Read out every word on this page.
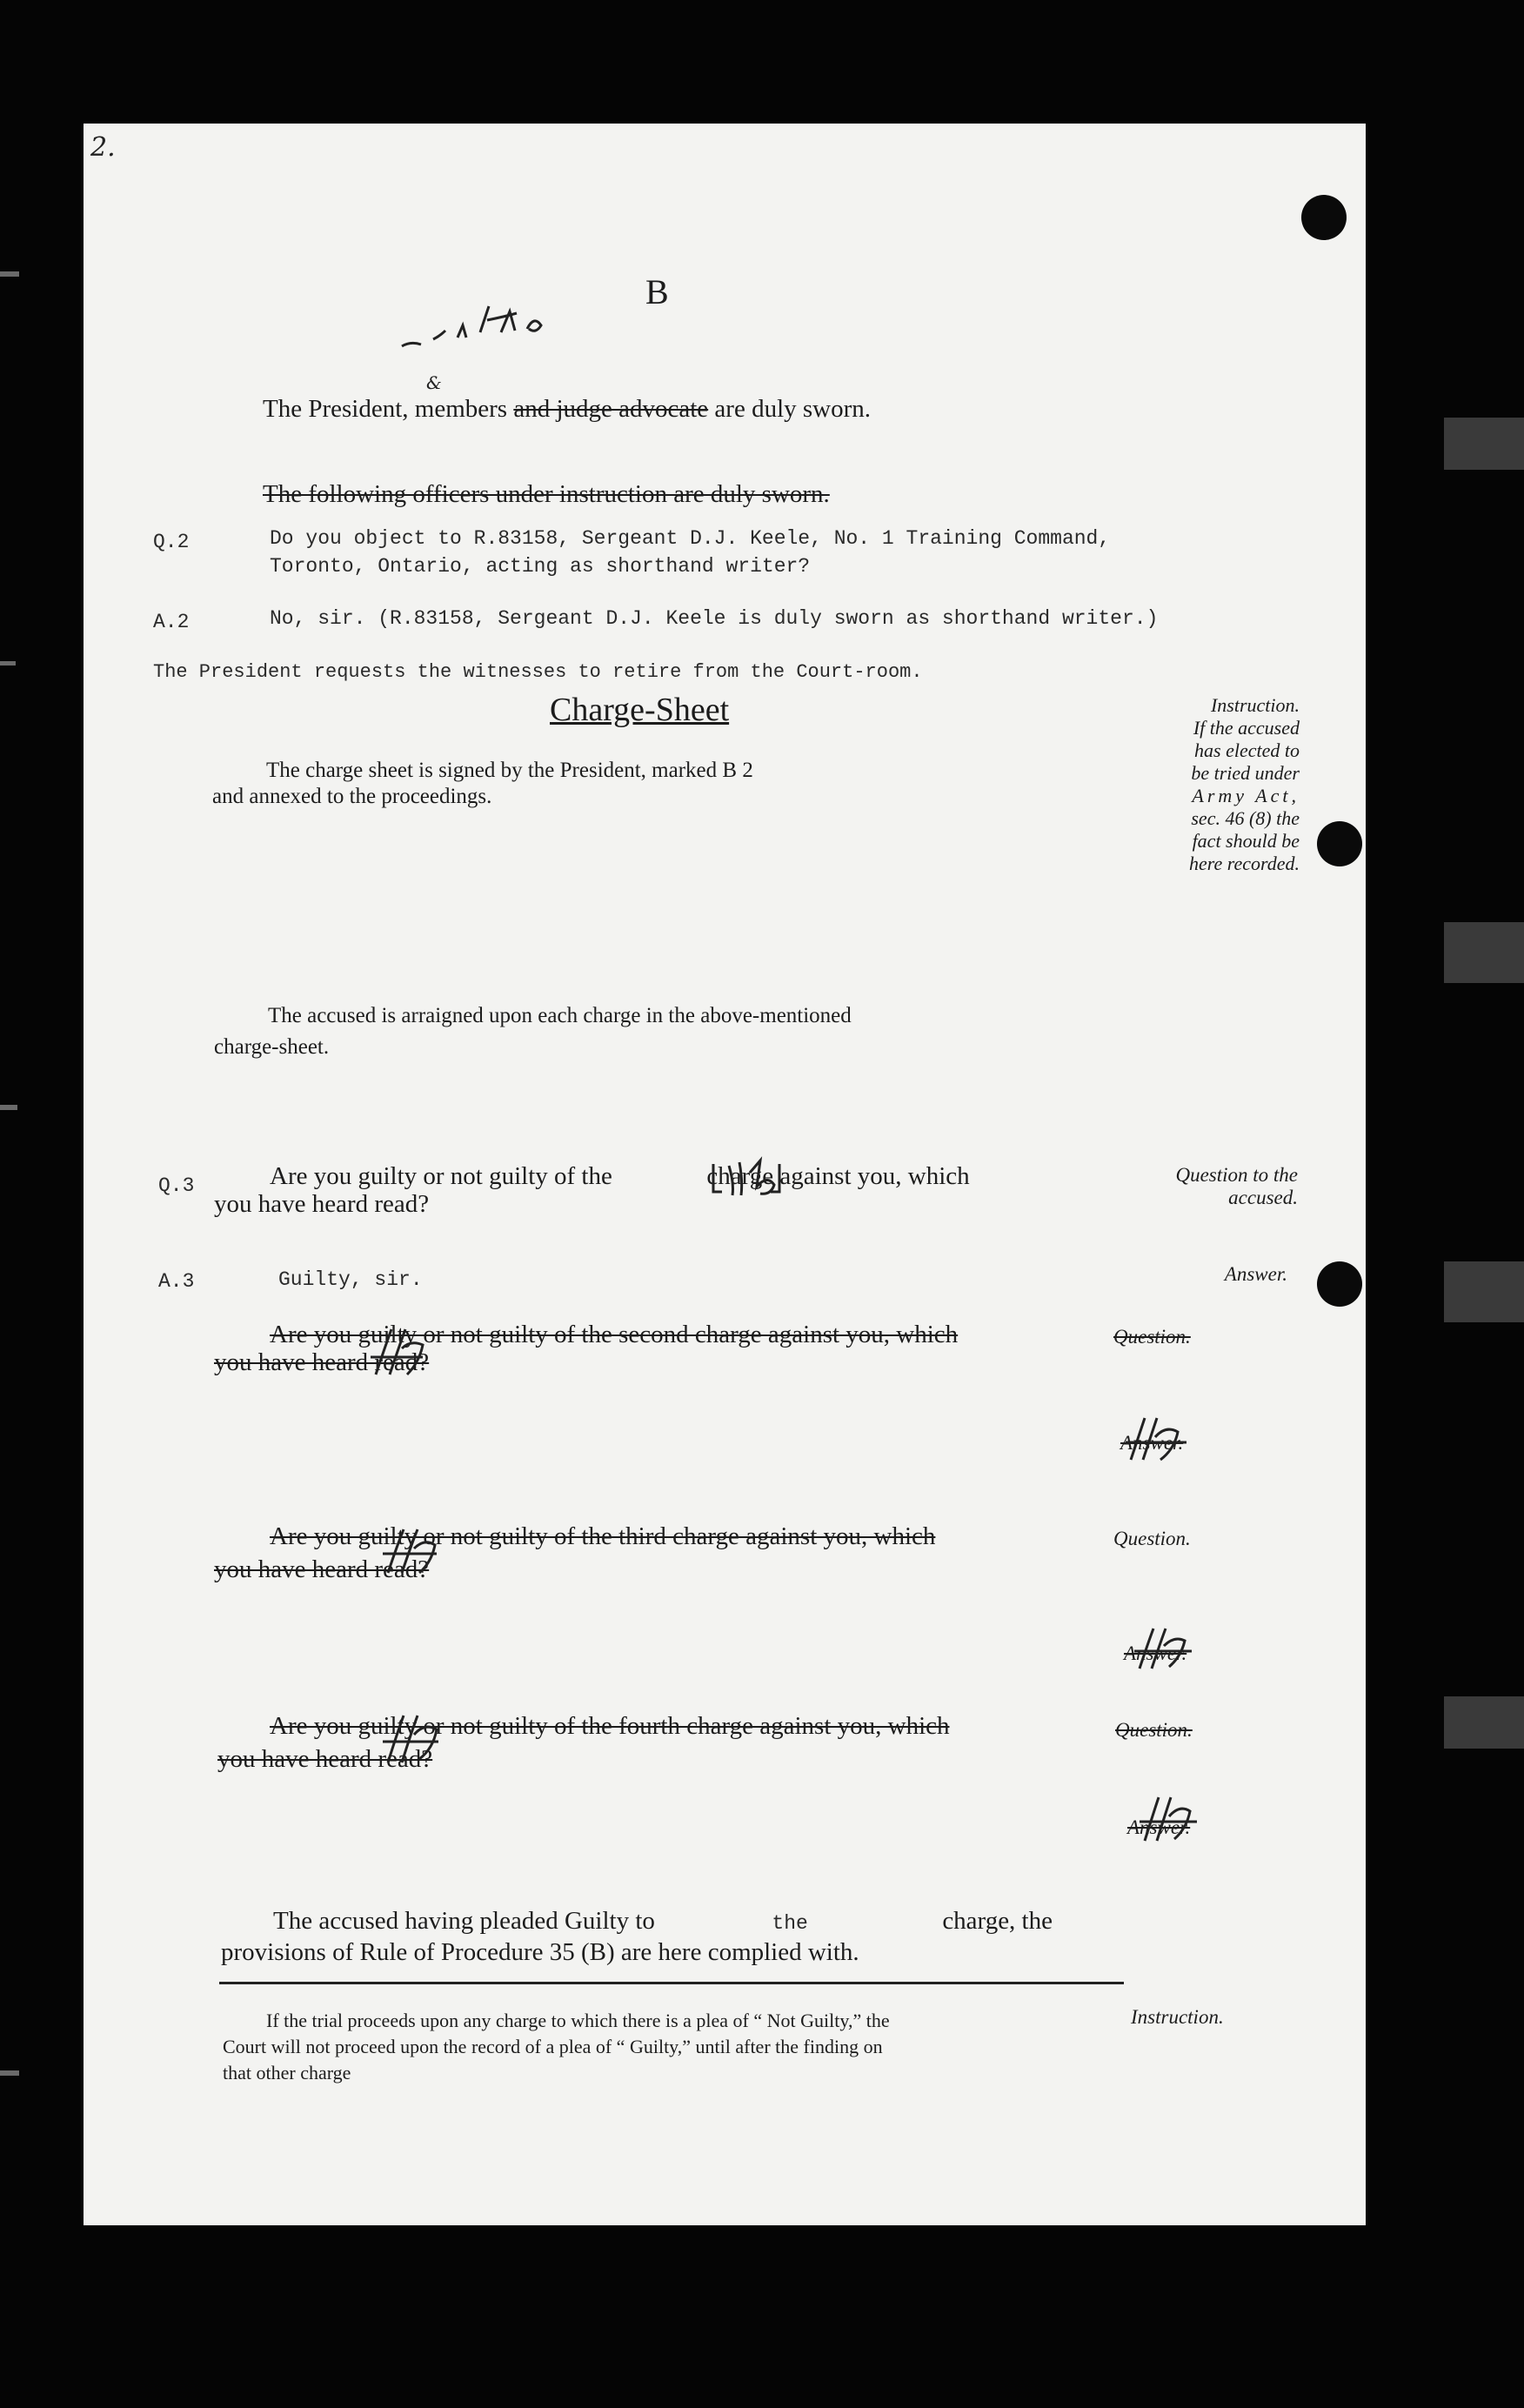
2.
B
The President, members and judge advocate are duly sworn.
&
The following officers under instruction are duly sworn.
Q.2	Do you object to R.83158, Sergeant D.J. Keele, No. 1 Training Command,
Toronto, Ontario, acting as shorthand writer?
A.2	No, sir. (R.83158, Sergeant D.J. Keele is duly sworn as shorthand writer.)
The President requests the witnesses to retire from the Court-room.
Charge-Sheet
The charge sheet is signed by the President, marked B 2
and annexed to the proceedings.
Instruction.
If the accused
has elected to
be tried under
Army Act,
sec. 46 (8) the
fact should be
here recorded.
The accused is arraigned upon each charge in the above-mentioned
charge-sheet.
Q.3	Are you guilty or not guilty of the	charge against you, which
you have heard read?
Question to the
accused.
A.3	Guilty, sir.	Answer.
Are you guilty or not guilty of the second charge against you, which
you have heard read?
Question.
Answer.
Are you guilty or not guilty of the third charge against you, which
you have heard read?
Question.
Answer.
Are you guilty or not guilty of the fourth charge against you, which
you have heard read?
Question.
Answer.
The accused having pleaded Guilty to	the	charge, the
provisions of Rule of Procedure 35 (B) are here complied with.
If the trial proceeds upon any charge to which there is a plea of “ Not Guilty,” the
Court will not proceed upon the record of a plea of “ Guilty,” until after the finding on
that other charge
Instruction.
